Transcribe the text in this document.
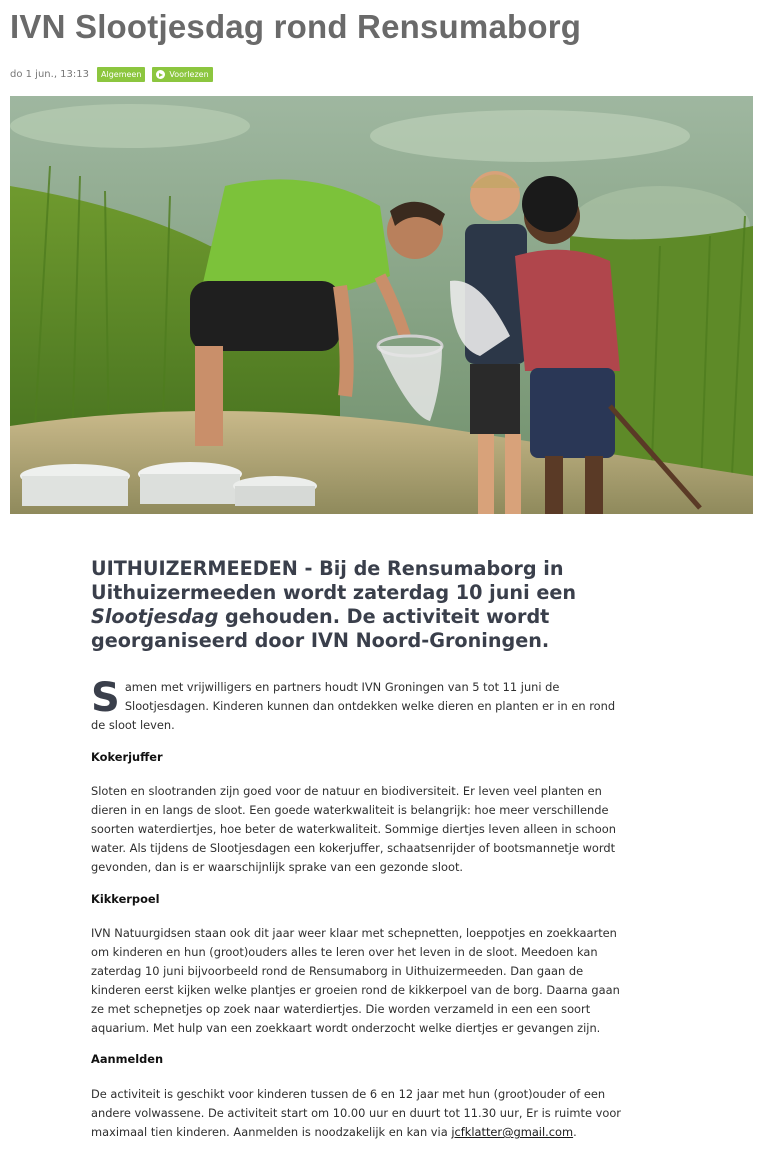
IVN Slootjesdag rond Rensumaborg
do 1 jun., 13:13	Algemeen	Voorlezen

UITHUIZERMEEDEN - Bij de Rensumaborg in Uithuizermeeden wordt zaterdag 10 juni een Slootjesdag gehouden. De activiteit wordt georganiseerd door IVN Noord-Groningen.

Samen met vrijwilligers en partners houdt IVN Groningen van 5 tot 11 juni de Slootjesdagen. Kinderen kunnen dan ontdekken welke dieren en planten er in en rond de sloot leven.
Kokerjuffer

Sloten en slootranden zijn goed voor de natuur en biodiversiteit. Er leven veel planten en dieren in en langs de sloot. Een goede waterkwaliteit is belangrijk: hoe meer verschillende soorten waterdiertjes, hoe beter de waterkwaliteit. Sommige diertjes leven alleen in schoon water. Als tijdens de Slootjesdagen een kokerjuffer, schaatsenrijder of bootsmannetje wordt gevonden, dan is er waarschijnlijk sprake van een gezonde sloot.

Kikkerpoel

IVN Natuurgidsen staan ook dit jaar weer klaar met schepnetten, loeppotjes en zoekkaarten om kinderen en hun (groot)ouders alles te leren over het leven in de sloot. Meedoen kan zaterdag 10 juni bijvoorbeeld rond de Rensumaborg in Uithuizermeeden. Dan gaan de kinderen eerst kijken welke plantjes er groeien rond de kikkerpoel van de borg. Daarna gaan ze met schepnetjes op zoek naar waterdiertjes. Die worden verzameld in een een soort aquarium. Met hulp van een zoekkaart wordt onderzocht welke diertjes er gevangen zijn.

Aanmelden

De activiteit is geschikt voor kinderen tussen de 6 en 12 jaar met hun (groot)ouder of een andere volwassene. De activiteit start om 10.00 uur en duurt tot 11.30 uur, Er is ruimte voor maximaal tien kinderen. Aanmelden is noodzakelijk en kan via jcfklatter@gmail.com.
